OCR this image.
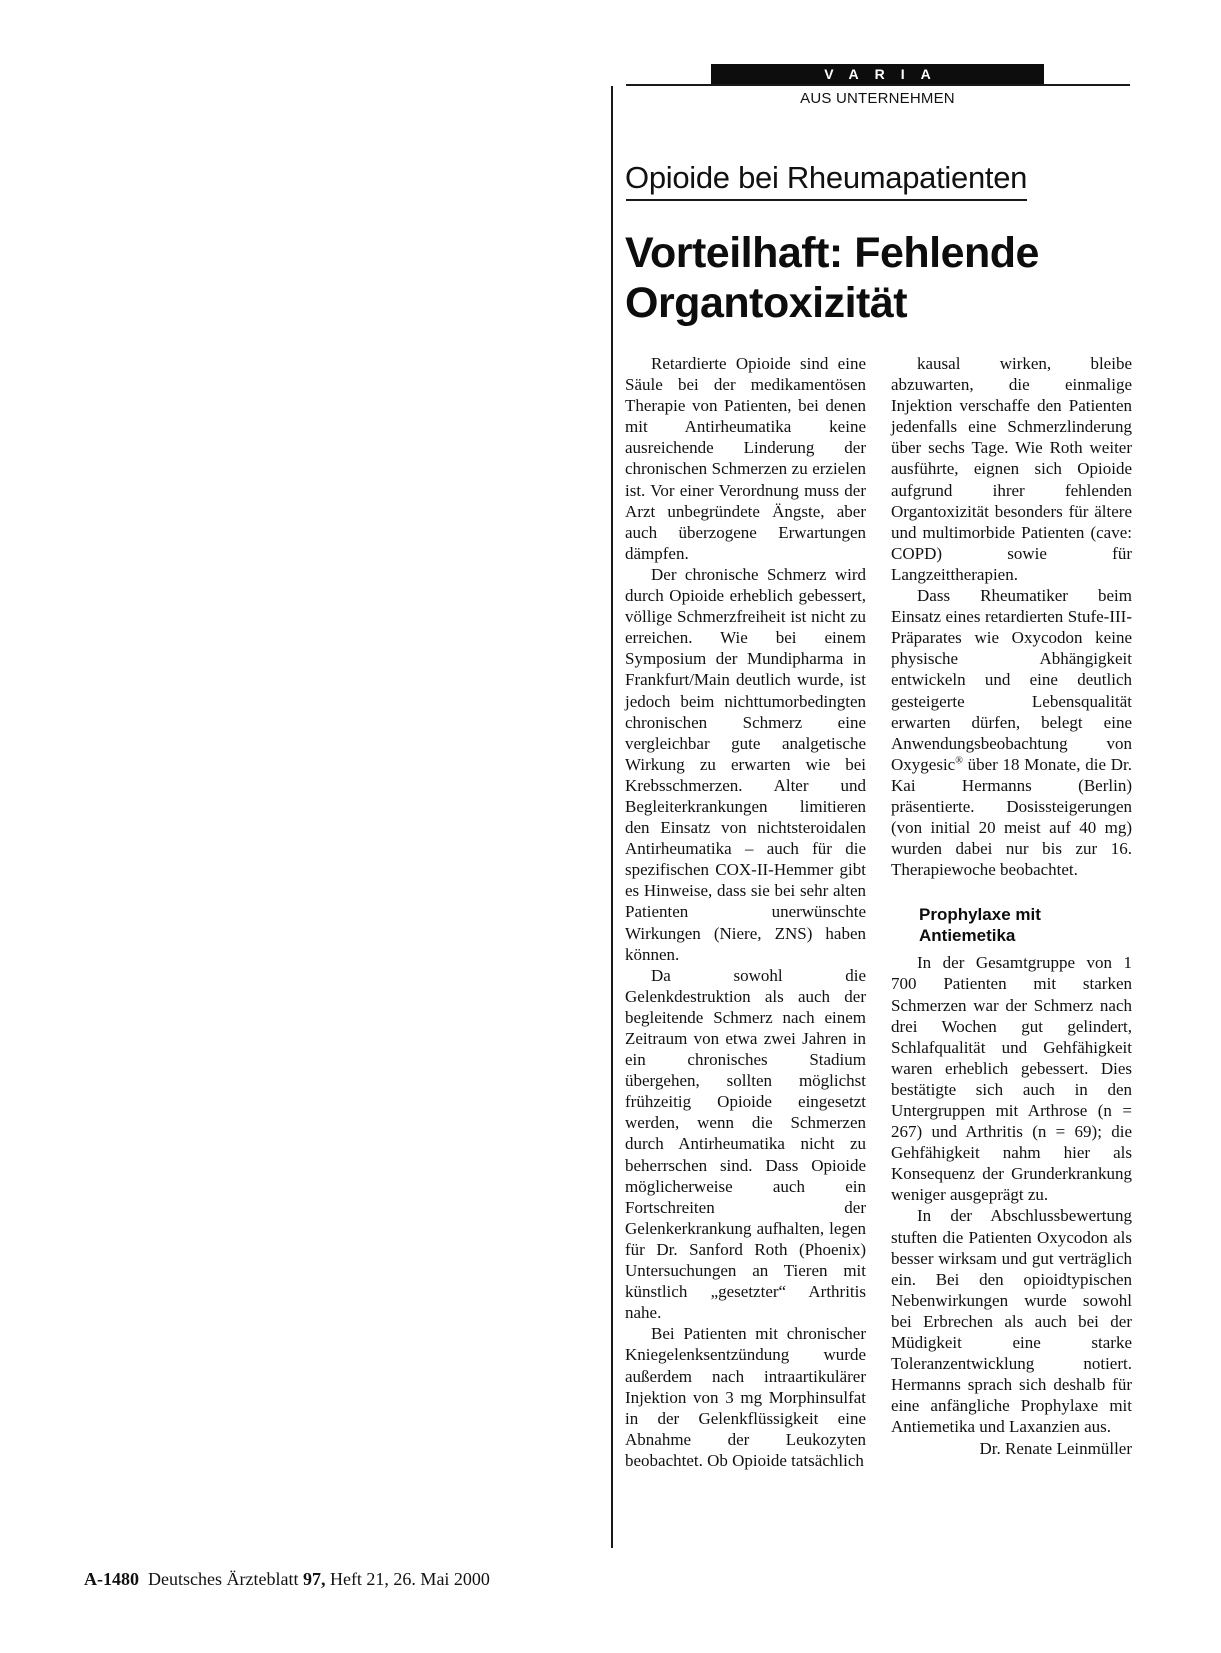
VARIA
AUS UNTERNEHMEN
Opioide bei Rheumapatienten
Vorteilhaft: Fehlende
Organtoxizität

Retardierte Opioide sind eine Säule bei der medikamentösen Therapie von Patienten, bei denen mit Antirheumatika keine ausreichende Linderung der chronischen Schmerzen zu erzielen ist. Vor einer Verordnung muss der Arzt unbegründete Ängste, aber auch überzogene Erwartungen dämpfen.

Der chronische Schmerz wird durch Opioide erheblich gebessert, völlige Schmerzfreiheit ist nicht zu erreichen. Wie bei einem Symposium der Mundipharma in Frankfurt/Main deutlich wurde, ist jedoch beim nichttumorbedingten chronischen Schmerz eine vergleichbar gute analgetische Wirkung zu erwarten wie bei Krebsschmerzen. Alter und Begleiterkrankungen limitieren den Einsatz von nichtsteroidalen Antirheumatika – auch für die spezifischen COX-II-Hemmer gibt es Hinweise, dass sie bei sehr alten Patienten unerwünschte Wirkungen (Niere, ZNS) haben können.

Da sowohl die Gelenkdestruktion als auch der begleitende Schmerz nach einem Zeitraum von etwa zwei Jahren in ein chronisches Stadium übergehen, sollten möglichst frühzeitig Opioide eingesetzt werden, wenn die Schmerzen durch Antirheumatika nicht zu beherrschen sind. Dass Opioide möglicherweise auch ein Fortschreiten der Gelenkerkrankung aufhalten, legen für Dr. Sanford Roth (Phoenix) Untersuchungen an Tieren mit künstlich „gesetzter“ Arthritis nahe.

Bei Patienten mit chronischer Kniegelenksentzündung wurde außerdem nach intraartikulärer Injektion von 3 mg Morphinsulfat in der Gelenkflüssigkeit eine Abnahme der Leukozyten beobachtet. Ob Opioide tatsächlich

kausal wirken, bleibe abzuwarten, die einmalige Injektion verschaffe den Patienten jedenfalls eine Schmerzlinderung über sechs Tage. Wie Roth weiter ausführte, eignen sich Opioide aufgrund ihrer fehlenden Organtoxizität besonders für ältere und multimorbide Patienten (cave: COPD) sowie für Langzeittherapien.

Dass Rheumatiker beim Einsatz eines retardierten Stufe-III-Präparates wie Oxycodon keine physische Abhängigkeit entwickeln und eine deutlich gesteigerte Lebensqualität erwarten dürfen, belegt eine Anwendungsbeobachtung von Oxygesic® über 18 Monate, die Dr. Kai Hermanns (Berlin) präsentierte. Dosissteigerungen (von initial 20 meist auf 40 mg) wurden dabei nur bis zur 16. Therapiewoche beobachtet.

Prophylaxe mit
Antiemetika

In der Gesamtgruppe von 1 700 Patienten mit starken Schmerzen war der Schmerz nach drei Wochen gut gelindert, Schlafqualität und Gehfähigkeit waren erheblich gebessert. Dies bestätigte sich auch in den Untergruppen mit Arthrose (n = 267) und Arthritis (n = 69); die Gehfähigkeit nahm hier als Konsequenz der Grunderkrankung weniger ausgeprägt zu.

In der Abschlussbewertung stuften die Patienten Oxycodon als besser wirksam und gut verträglich ein. Bei den opioidtypischen Nebenwirkungen wurde sowohl bei Erbrechen als auch bei der Müdigkeit eine starke Toleranzentwicklung notiert. Hermanns sprach sich deshalb für eine anfängliche Prophylaxe mit Antiemetika und Laxanzien aus.

Dr. Renate Leinmüller

A-1480 Deutsches Ärzteblatt 97, Heft 21, 26. Mai 2000
